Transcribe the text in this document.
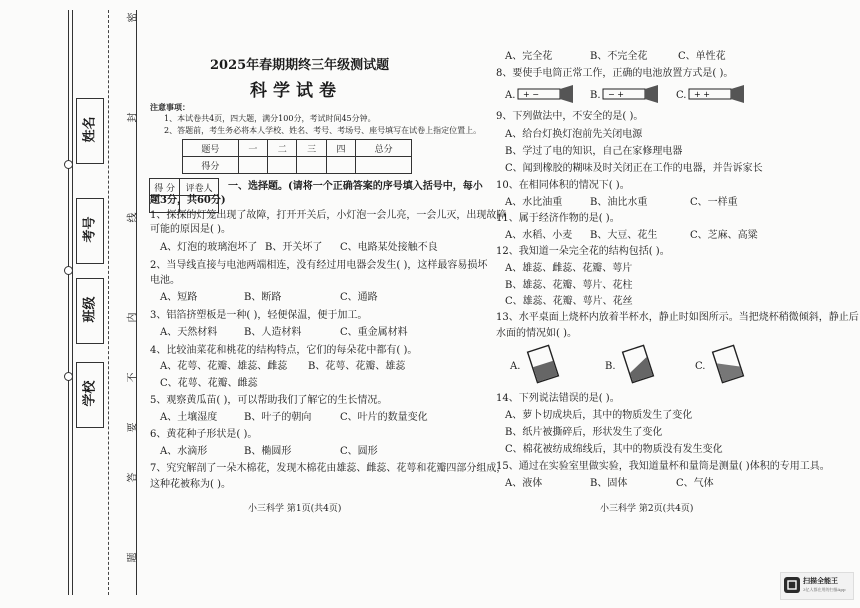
姓名
考号
班级
学校
密
封
线
内
不
要
答
题
2025年春期期终三年级测试题
科学试卷
注意事项：
1、本试卷共4页，四大题，满分100分，考试时间45分钟。
2、答题前，考生务必将本人学校、姓名、考号、考场号、座号填写在试卷上指定位置上。
题号	一	二	三	四	总分
得分					
得 分	评卷人
	一、选择题。(请将一个正确答案的序号填入括号中，每小
题3分，共60分)
1、探探的灯笼出现了故障，打开开关后，小灯泡一会儿亮，一会儿灭，出现故障
可能的原因是( )。
A、灯泡的玻璃泡坏了 B、开关坏了 C、电路某处接触不良
2、当导线直接与电池两端相连，没有经过用电器会发生( )，这样最容易损坏
电池。
A、短路	B、断路	C、通路
3、铝箔挤塑板是一种( )，轻便保温，便于加工。
A、天然材料	B、人造材料	C、重金属材料
4、比较油菜花和桃花的结构特点，它们的每朵花中都有( )。
A、花萼、花瓣、雄蕊、雌蕊 B、花萼、花瓣、雄蕊
C、花萼、花瓣、雌蕊
5、观察黄瓜苗( )，可以帮助我们了解它的生长情况。
A、土壤湿度	B、叶子的朝向	C、叶片的数量变化
6、黄花种子形状是( )。
A、水滴形	B、椭圆形	C、圆形
7、究究解剖了一朵木棉花，发现木棉花由雄蕊、雌蕊、花萼和花瓣四部分组成，
这种花被称为( )。
小三科学 第1页(共4页)
A、完全花	B、不完全花	C、单性花
8、要使手电筒正常工作，正确的电池放置方式是( )。
A. + −	B. − +	C. + +
9、下列做法中，不安全的是( )。
A、给台灯换灯泡前先关闭电源
B、学过了电的知识，自己在家修理电器
C、闻到橡胶的糊味及时关闭正在工作的电器，并告诉家长
10、在相同体积的情况下( )。
A、水比油重	B、油比水重	C、一样重
11、属于经济作物的是( )。
A、水稻、小麦 B、大豆、花生	C、芝麻、高粱
12、我知道一朵完全花的结构包括( )。
A、雄蕊、雌蕊、花瓣、萼片
B、雄蕊、花瓣、萼片、花柱
C、雄蕊、花瓣、萼片、花丝
13、水平桌面上烧杯内放着半杯水，静止时如图所示。当把烧杯稍微倾斜，静止后
水面的情况如( )。
A.	B.	C.
14、下列说法错误的是( )。
A、萝卜切成块后，其中的物质发生了变化
B、纸片被撕碎后，形状发生了变化
C、棉花被纺成绵线后，其中的物质没有发生变化
15、通过在实验室里做实验，我知道量杯和量筒是测量( )体积的专用工具。
A、液体	B、固体	C、气体
小三科学 第2页(共4页)
扫描全能王
3亿人都在用的扫描App
